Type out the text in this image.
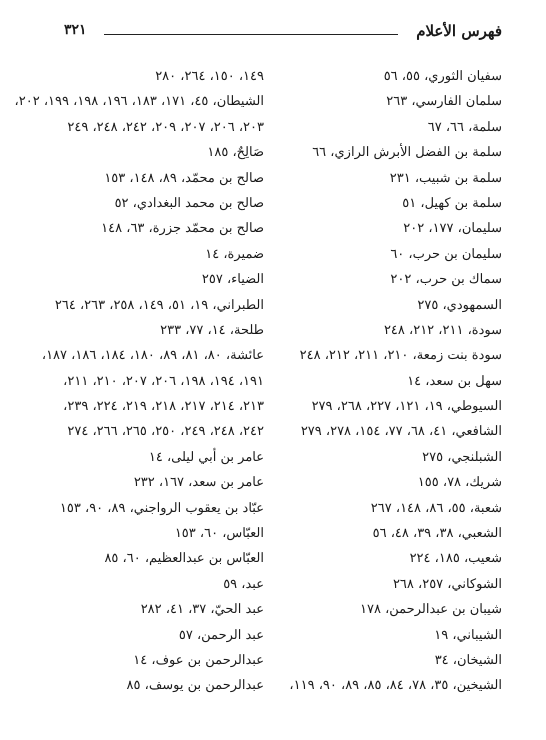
فهرس الأعلام
٣٢١
سفيان الثوري، ٥٥، ٥٦
سلمان الفارسي، ٢٦٣
سلمة، ٦٦، ٦٧
سلمة بن الفضل الأبرش الرازي، ٦٦
سلمة بن شبيب، ٢٣١
سلمة بن كهيل، ٥١
سليمان، ١٧٧، ٢٠٢
سليمان بن حرب، ٦٠
سماك بن حرب، ٢٠٢
السمهودي، ٢٧٥
سودة، ٢١١، ٢١٢، ٢٤٨
سودة بنت زمعة، ٢١٠، ٢١١، ٢١٢، ٢٤٨
سهل بن سعد، ١٤
السيوطي، ١٩، ١٢١، ٢٢٧، ٢٦٨، ٢٧٩
الشافعي، ٤١، ٦٨، ٧٧، ١٥٤، ٢٧٨، ٢٧٩
الشبلنجي، ٢٧٥
شريك، ٧٨، ١٥٥
شعبة، ٥٥، ٨٦، ١٤٨، ٢٦٧
الشعبي، ٣٨، ٣٩، ٤٨، ٥٦
شعيب، ١٨٥، ٢٢٤
الشوكاني، ٢٥٧، ٢٦٨
شيبان بن عبدالرحمن، ١٧٨
الشيباني، ١٩
الشيخان، ٣٤
الشيخين، ٣٥، ٧٨، ٨٤، ٨٥، ٨٩، ٩٠، ١١٩،
١٤٩، ١٥٠، ٢٦٤، ٢٨٠
الشيطان، ٤٥، ١٧١، ١٨٣، ١٩٦، ١٩٨، ١٩٩، ٢٠٢،
٢٠٣، ٢٠٦، ٢٠٧، ٢٠٩، ٢٤٢، ٢٤٨، ٢٤٩
صَالِحٌ، ١٨٥
صالح بن محمّد، ٨٩، ١٤٨، ١٥٣
صالح بن محمد البغدادي، ٥٢
صالح بن محمّد جزرة، ٦٣، ١٤٨
ضميرة، ١٤
الضياء، ٢٥٧
الطبراني، ١٩، ٥١، ١٤٩، ٢٥٨، ٢٦٣، ٢٦٤
طلحة، ١٤، ٧٧، ٢٣٣
عائشة، ٨٠، ٨١، ٨٩، ١٨٠، ١٨٤، ١٨٦، ١٨٧،
١٩١، ١٩٤، ١٩٨، ٢٠٦، ٢٠٧، ٢١٠، ٢١١،
٢١٣، ٢١٤، ٢١٧، ٢١٨، ٢١٩، ٢٢٤، ٢٣٩،
٢٤٢، ٢٤٨، ٢٤٩، ٢٥٠، ٢٦٥، ٢٦٦، ٢٧٤
عامر بن أبي ليلى، ١٤
عامر بن سعد، ١٦٧، ٢٣٢
عبّاد بن يعقوب الرواجني، ٨٩، ٩٠، ١٥٣
العبّاس، ٦٠، ١٥٣
العبّاس بن عبدالعظيم، ٦٠، ٨٥
عبد، ٥٩
عبد الحيّ، ٣٧، ٤١، ٢٨٢
عبد الرحمن، ٥٧
عبدالرحمن بن عوف، ١٤
عبدالرحمن بن يوسف، ٨٥
